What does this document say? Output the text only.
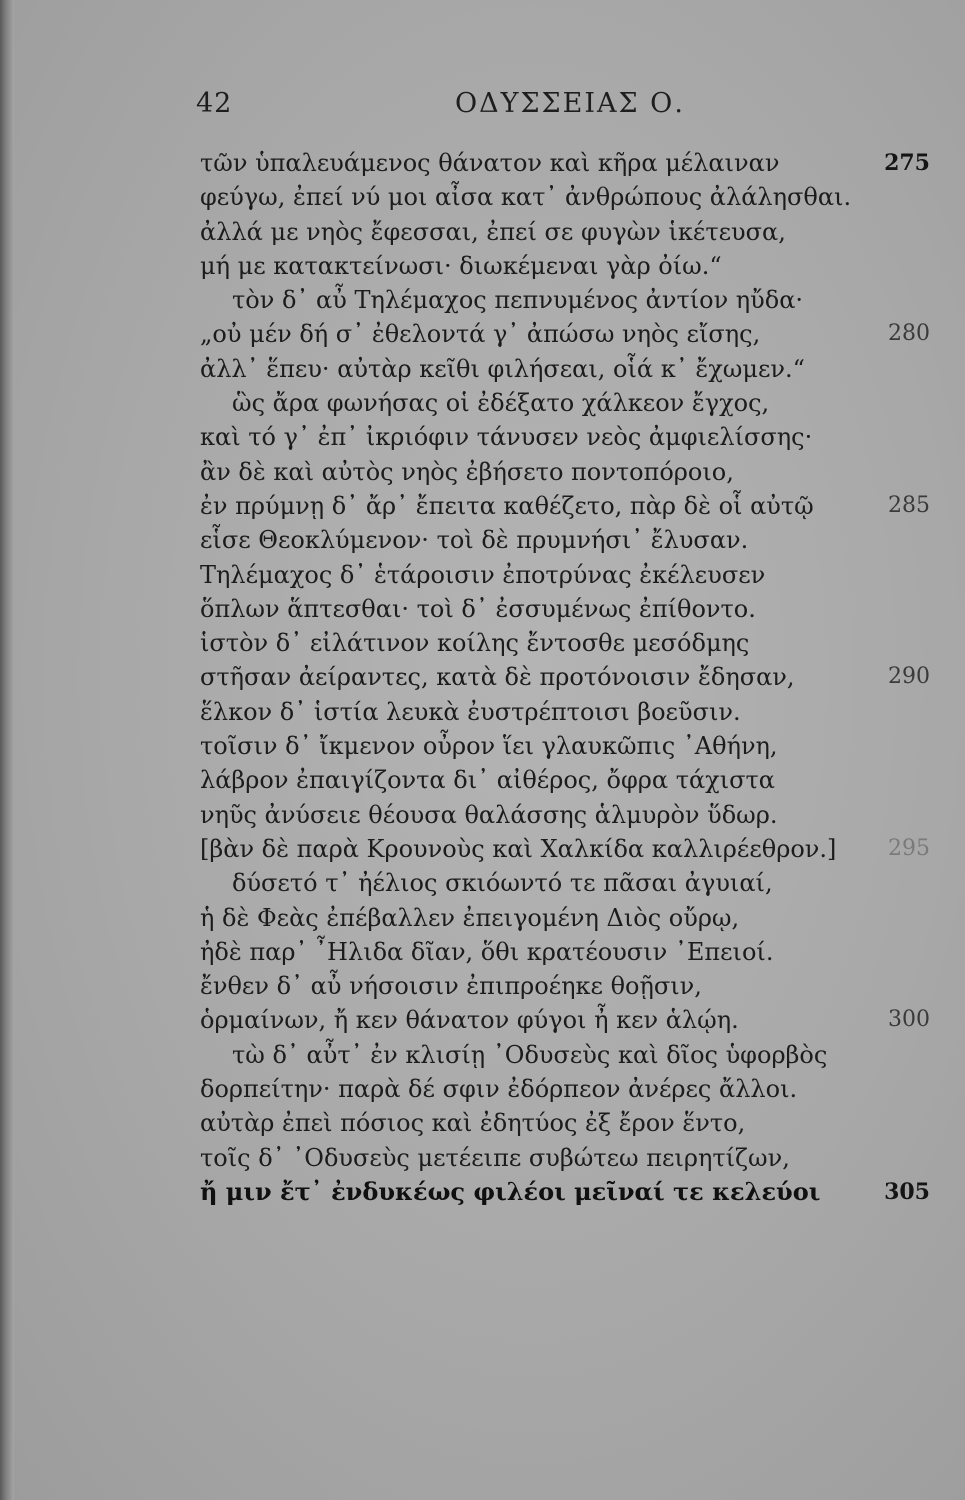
42	ΟΔΥΣΣΕΙΑΣ Ο.
τῶν ὑπαλευάμενος θάνατον καὶ κῆρα μέλαιναν	275
φεύγω, ἐπεί νύ μοι αἶσα κατ᾽ ἀνθρώπους ἀλάλησθαι.
ἀλλά με νηὸς ἔφεσσαι, ἐπεί σε φυγὼν ἱκέτευσα,
μή με κατακτείνωσι· διωκέμεναι γὰρ ὀίω.“
τὸν δ᾽ αὖ Τηλέμαχος πεπνυμένος ἀντίον ηὔδα·
„οὐ μέν δή σ᾽ ἐθελοντά γ᾽ ἀπώσω νηὸς εἴσης,	280
ἀλλ᾽ ἕπευ· αὐτὰρ κεῖθι φιλήσεαι, οἷά κ᾽ ἔχωμεν.“
ὣς ἄρα φωνήσας οἱ ἐδέξατο χάλκεον ἔγχος,
καὶ τό γ᾽ ἐπ᾽ ἰκριόφιν τάνυσεν νεὸς ἀμφιελίσσης·
ἂν δὲ καὶ αὐτὸς νηὸς ἐβήσετο ποντοπόροιο,
ἐν πρύμνῃ δ᾽ ἄρ᾽ ἔπειτα καθέζετο, πὰρ δὲ οἷ αὐτῷ	285
εἷσε Θεοκλύμενον· τοὶ δὲ πρυμνήσι᾽ ἔλυσαν.
Τηλέμαχος δ᾽ ἑτάροισιν ἐποτρύνας ἐκέλευσεν
ὅπλων ἅπτεσθαι· τοὶ δ᾽ ἐσσυμένως ἐπίθοντο.
ἱστὸν δ᾽ εἰλάτινον κοίλης ἔντοσθε μεσόδμης
στῆσαν ἀείραντες, κατὰ δὲ προτόνοισιν ἔδησαν,	290
ἕλκον δ᾽ ἱστία λευκὰ ἐυστρέπτοισι βοεῦσιν.
τοῖσιν δ᾽ ἴκμενον οὖρον ἵει γλαυκῶπις ᾽Αθήνη,
λάβρον ἐπαιγίζοντα δι᾽ αἰθέρος, ὄφρα τάχιστα
νηῦς ἀνύσειε θέουσα θαλάσσης ἁλμυρὸν ὕδωρ.
[βὰν δὲ παρὰ Κρουνοὺς καὶ Χαλκίδα καλλιρέεθρον.] 295
δύσετό τ᾽ ἠέλιος σκιόωντό τε πᾶσαι ἀγυιαί,
ἡ δὲ Φεὰς ἐπέβαλλεν ἐπειγομένη Διὸς οὔρῳ,
ἠδὲ παρ᾽ ῏Ηλιδα δῖαν, ὅθι κρατέουσιν ᾽Επειοί.
ἔνθεν δ᾽ αὖ νήσοισιν ἐπιπροέηκε θοῇσιν,
ὁρμαίνων, ἤ κεν θάνατον φύγοι ἦ κεν ἁλῴη.	300
τὼ δ᾽ αὖτ᾽ ἐν κλισίῃ ᾽Οδυσεὺς καὶ δῖος ὑφορβὸς
δορπείτην· παρὰ δέ σφιν ἐδόρπεον ἀνέρες ἄλλοι.
αὐτὰρ ἐπεὶ πόσιος καὶ ἐδητύος ἐξ ἔρον ἕντο,
τοῖς δ᾽ ᾽Οδυσεὺς μετέειπε συβώτεω πειρητίζων,
ἤ μιν ἔτ᾽ ἐνδυκέως φιλέοι μεῖναί τε κελεύοι	305
